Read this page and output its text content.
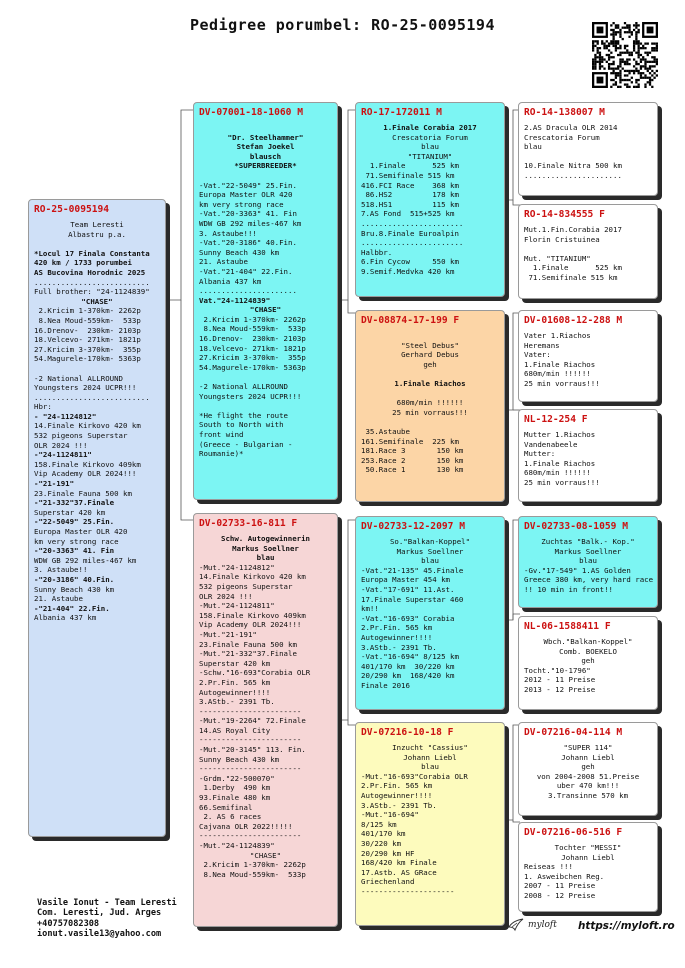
Pedigree porumbel: RO-25-0095194
RO-25-0095194
Team Leresti
Albastru p.a.

*Locul 17 Finala Constanta
420 km / 1733 porumbei
AS Bucovina Horodnic 2025
..........................
Full brother: "24-1124839"
"CHASE"
2.Kricim 1-370km- 2262p
8.Nea Moud-559km-  533p
16.Drenov-  230km- 2103p
18.Velcevo- 271km- 1821p
27.Kricim 3-370km-  355p
54.Magurele-170km- 5363p

-2 National ALLROUND
Youngsters 2024 UCPR!!!
..........................
Hbr:
- "24-1124812"
14.Finale Kirkovo 420 km
532 pigeons Superstar
OLR 2024 !!!
-"24-1124811"
158.Finale Kirkovo 409km
Vip Academy OLR 2024!!!
-"21-191"
23.Finale Fauna 500 km
-"21-332"37.Finale
Superstar 420 km
-"22-5049" 25.Fin.
Europa Master OLR 420
km very strong race
-"20-3363" 41. Fin
WDW GB 292 miles-467 km
3. Astaube!!
-"20-3186" 40.Fin.
Sunny Beach 430 km
21. Astaube
-"21-404" 22.Fin.
Albania 437 km
DV-07001-18-1060 M

"Dr. Steelhammer"
Stefan Joekel
blausch
*SUPERBREEDER*

-Vat."22-5049" 25.Fin.
Europa Master OLR 420
km very strong race
-Vat."20-3363" 41. Fin
WDW GB 292 miles-467 km
3. Astaube!!!
-Vat."20-3186" 40.Fin.
Sunny Beach 430 km
21. Astaube
-Vat."21-404" 22.Fin.
Albania 437 km
......................
Vat."24-1124839"
"CHASE"
2.Kricim 1-370km- 2262p
8.Nea Moud-559km-  533p
16.Drenov-  230km- 2103p
18.Velcevo- 271km- 1821p
27.Kricim 3-370km-  355p
54.Magurele-170km- 5363p

-2 National ALLROUND
Youngsters 2024 UCPR!!!

*He flight the route
South to North with
front wind
(Greece - Bulgarian -
Roumanie)*
DV-02733-16-811 F
Schw. Autogewinnerin
Markus Soellner
blau
-Mut."24-1124812"
14.Finale Kirkovo 420 km
532 pigeons Superstar
OLR 2024 !!!
-Mut."24-1124811"
158.Finale Kirkovo 409km
Vip Academy OLR 2024!!!
-Mut."21-191"
23.Finale Fauna 500 km
-Mut."21-332"37.Finale
Superstar 420 km
-Schw."16-693"Corabia OLR
2.Pr.Fin. 565 km
Autogewinner!!!!
3.AStb.- 2391 Tb.
-----------------------
-Mut."19-2264" 72.Finale
14.AS Royal City
-----------------------
-Mut."20-3145" 113. Fin.
Sunny Beach 430 km
-----------------------
-Grdm."22-500070"
1.Derby  490 km
93.Finale 480 km
66.Semifinal
2. AS 6 races
Cajvana OLR 2022!!!!!
-----------------------
-Mut."24-1124839"
"CHASE"
2.Kricim 1-370km- 2262p
8.Nea Moud-559km-  533p
RO-17-172011 M
1.Finale Corabia 2017
Crescatoria Forum
blau
"TITANIUM"
1.Finale      525 km
71.Semifinale 515 km
416.FCI Race    368 km
86.HS2         178 km
518.HS1         115 km
7.AS Fond  515+525 km
.......................
Bru.8.Finale Euroalpin
.......................
Halbbr.
6.Fin Cycow     550 km
9.Semif.Medvka 420 km
DV-08874-17-199 F

"Steel Debus"
Gerhard Debus
geh

1.Finale Riachos

680m/min !!!!!!
25 min vorraus!!!

35.Astaube
161.Semifinale  225 km
181.Race 3       150 km
253.Race 2       150 km
50.Race 1       130 km
DV-02733-12-2097 M
So."Balkan-Koppel"
Markus Soellner
blau
-Vat."21-135" 45.Finale
Europa Master 454 km
-Vat."17-691" 11.Ast.
17.Finale Superstar 460
km!!
-Vat."16-693" Corabia
2.Pr.Fin. 565 km
Autogewinner!!!!
3.AStb.- 2391 Tb.
-Vat."16-694" 8/125 km
401/170 km  30/220 km
20/290 km  168/420 km
Finale 2016
DV-07216-10-18 F
Inzucht "Cassius"
Johann Liebl
blau
-Mut."16-693"Corabia OLR
2.Pr.Fin. 565 km
Autogewinner!!!!
3.AStb.- 2391 Tb.
-Mut."16-694"
8/125 km
401/170 km
30/220 km
20/290 km HF
168/420 km Finale
17.Astb. AS GRace
Griechenland
---------------------
RO-14-138007 M
2.AS Dracula OLR 2014
Crescatoria Forum
blau

10.Finale Nitra 500 km
......................
RO-14-834555 F
Mut.1.Fin.Corabia 2017
Florin Cristuinea

Mut. "TITANIUM"
1.Finale      525 km
71.Semifinale 515 km
DV-01608-12-288 M
Vater 1.Riachos
Heremans
Vater:
1.Finale Riachos
680m/min !!!!!!
25 min vorraus!!!
NL-12-254 F
Mutter 1.Riachos
Vandenabeele
Mutter:
1.Finale Riachos
680m/min !!!!!!
25 min vorraus!!!
DV-02733-08-1059 M
Zuchtas "Balk.- Kop."
Markus Soellner
blau
-Gv."17-549" 1.AS Golden
Greece 380 km, very hard race
!! 10 min in front!!
NL-06-1588411 F
Wbch."Balkan-Koppel"
Comb. BOEKELO
geh
Tocht."10-1796"
2012 - 11 Preise
2013 - 12 Preise
DV-07216-04-114 M
"SUPER 114"
Johann Liebl
geh
von 2004-2008 51.Preise
uber 470 km!!!
3.Transinne 570 km
DV-07216-06-516 F
Tochter "MESSI"
Johann Liebl
Reiseas !!!
1. Asweibchen Reg.
2007 - 11 Preise
2008 - 12 Preise
Vasile Ionut - Team Leresti
Com. Leresti, Jud. Arges
+40757082308
ionut.vasile13@yahoo.com
myloft https://myloft.ro
